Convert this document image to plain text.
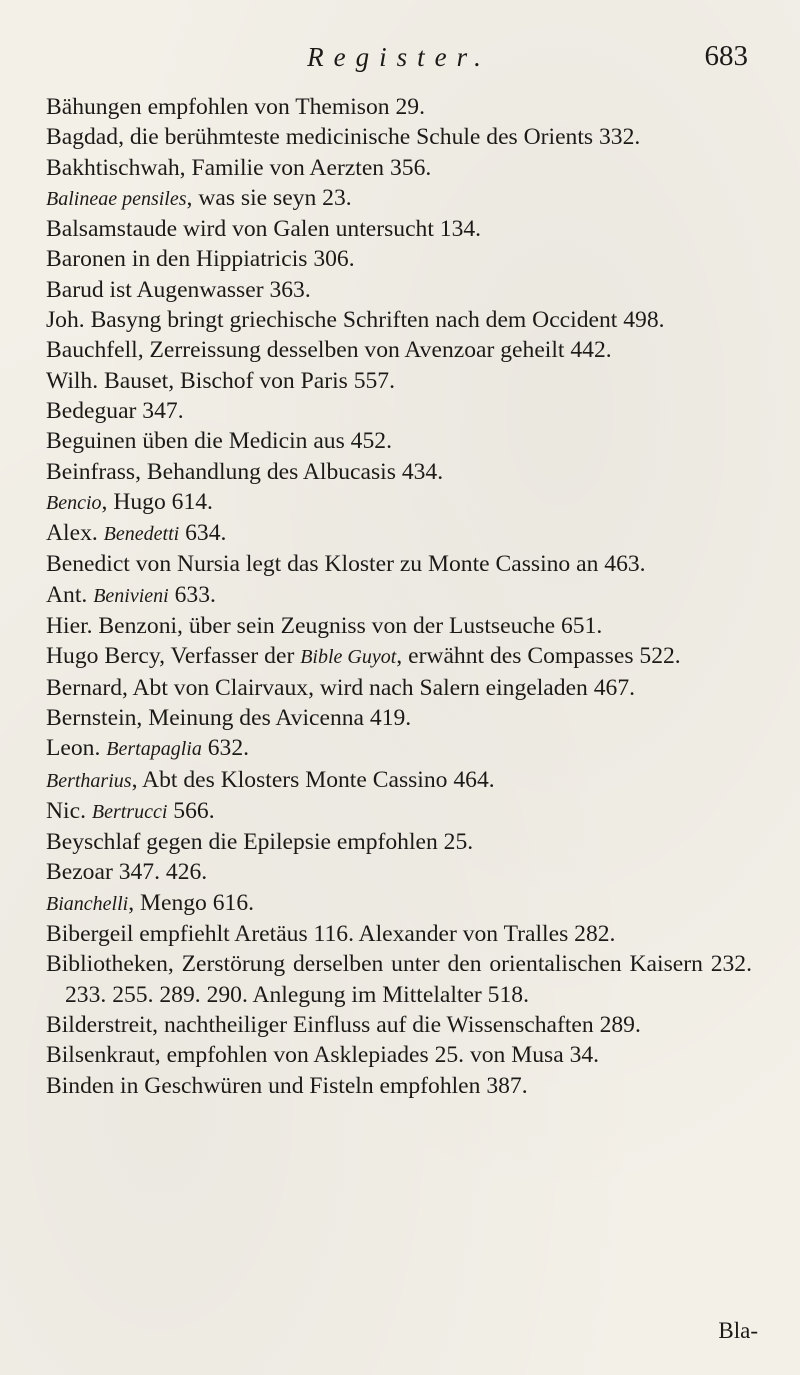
Register.	683
Bähungen empfohlen von Themison 29.
Bagdad, die berühmteste medicinische Schule des Orients 332.
Bakhtischwah, Familie von Aerzten 356.
Balineae pensiles, was sie seyn 23.
Balsamstaude wird von Galen untersucht 134.
Baronen in den Hippiatricis 306.
Barud ist Augenwasser 363.
Joh. Basyng bringt griechische Schriften nach dem Occident 498.
Bauchfell, Zerreissung desselben von Avenzoar geheilt 442.
Wilh. Bauset, Bischof von Paris 557.
Bedeguar 347.
Beguinen üben die Medicin aus 452.
Beinfrass, Behandlung des Albucasis 434.
Bencio, Hugo 614.
Alex. Benedetti 634.
Benedict von Nursia legt das Kloster zu Monte Cassino an 463.
Ant. Benivieni 633.
Hier. Benzoni, über sein Zeugniss von der Lustseuche 651.
Hugo Bercy, Verfasser der Bible Guyot, erwähnt des Compasses 522.
Bernard, Abt von Clairvaux, wird nach Salern eingeladen 467.
Bernstein, Meinung des Avicenna 419.
Leon. Bertapaglia 632.
Bertharius, Abt des Klosters Monte Cassino 464.
Nic. Bertrucci 566.
Beyschlaf gegen die Epilepsie empfohlen 25.
Bezoar 347. 426.
Bianchelli, Mengo 616.
Bibergeil empfiehlt Aretäus 116. Alexander von Tralles 282.
Bibliotheken, Zerstörung derselben unter den orientalischen Kaisern 232. 233. 255. 289. 290. Anlegung im Mittelalter 518.
Bilderstreit, nachtheiliger Einfluss auf die Wissenschaften 289.
Bilsenkraut, empfohlen von Asklepiades 25. von Musa 34.
Binden in Geschwüren und Fisteln empfohlen 387.
Bla-
